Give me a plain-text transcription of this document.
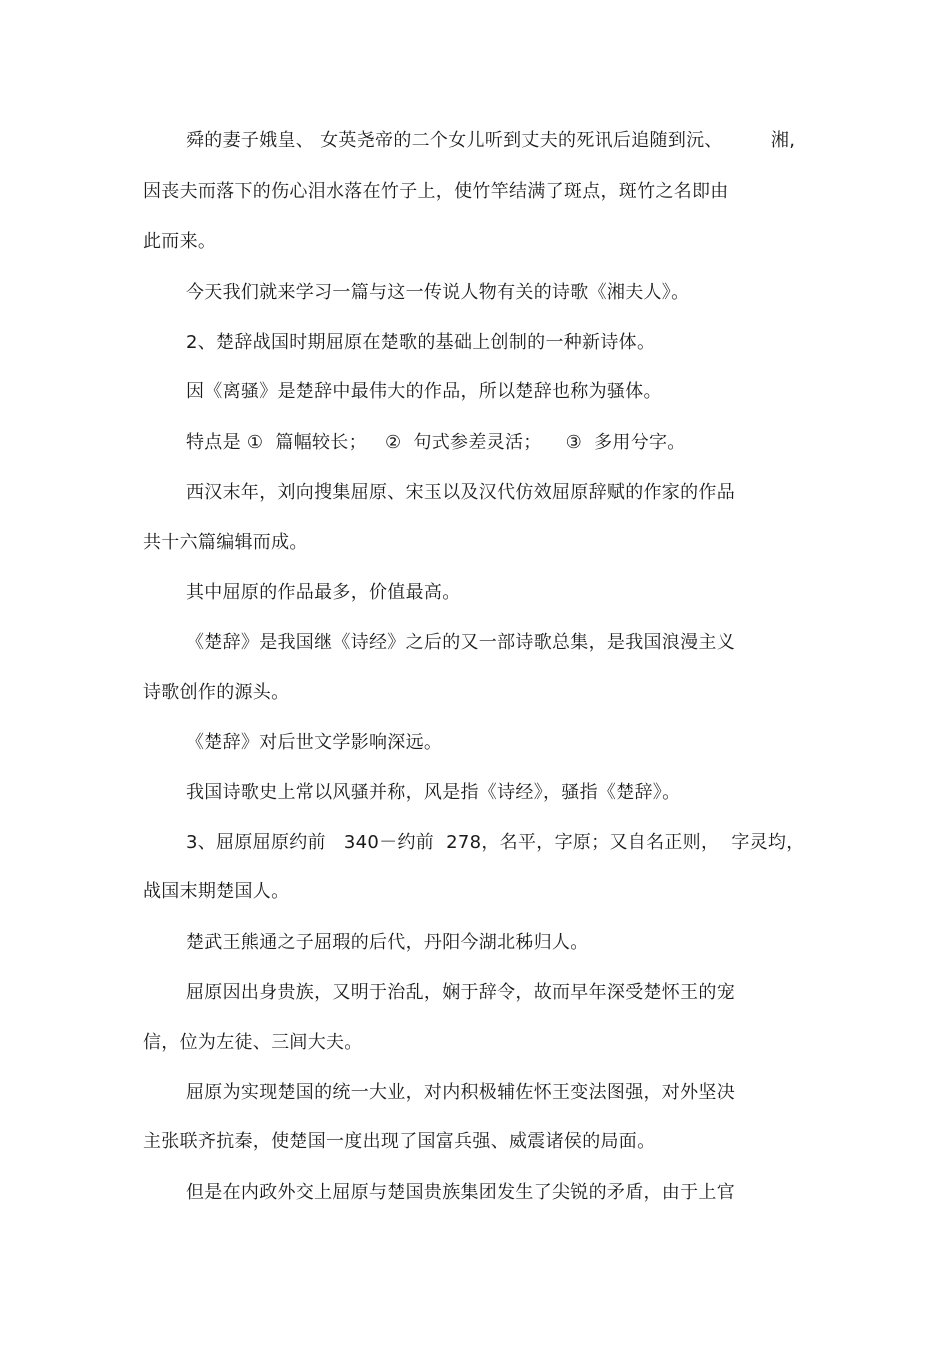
舜的妻子娥皇、 女英尧帝的二个女儿听到丈夫的死讯后追随到沅、        湘,
因丧夫而落下的伤心泪水落在竹子上，使竹竿结满了斑点，斑竹之名即由
此而来。
今天我们就来学习一篇与这一传说人物有关的诗歌《湘夫人》。
2、楚辞战国时期屈原在楚歌的基础上创制的一种新诗体。
因《离骚》是楚辞中最伟大的作品，所以楚辞也称为骚体。
特点是 ①  篇幅较长；   ②  句式参差灵活；    ③  多用兮字。
西汉末年，刘向搜集屈原、宋玉以及汉代仿效屈原辞赋的作家的作品
共十六篇编辑而成。
其中屈原的作品最多，价值最高。
《楚辞》是我国继《诗经》之后的又一部诗歌总集，是我国浪漫主义
诗歌创作的源头。
《楚辞》对后世文学影响深远。
我国诗歌史上常以风骚并称，风是指《诗经》，骚指《楚辞》。
3、屈原屈原约前   340－约前  278，名平，字原；又自名正则，  字灵均，
战国末期楚国人。
楚武王熊通之子屈瑕的后代，丹阳今湖北秭归人。
屈原因出身贵族，又明于治乱，娴于辞令，故而早年深受楚怀王的宠
信，位为左徒、三闾大夫。
屈原为实现楚国的统一大业，对内积极辅佐怀王变法图强，对外坚决
主张联齐抗秦，使楚国一度出现了国富兵强、威震诸侯的局面。
但是在内政外交上屈原与楚国贵族集团发生了尖锐的矛盾，由于上官
